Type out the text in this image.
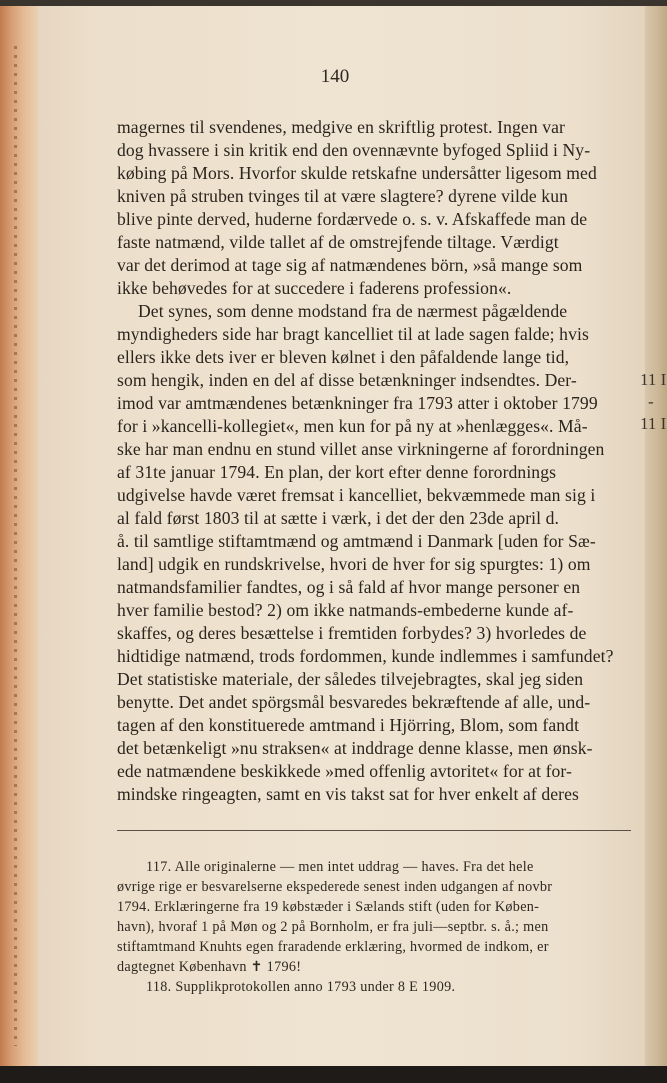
140
magernes til svendenes, medgive en skriftlig protest. Ingen var
dog hvassere i sin kritik end den ovennævnte byfoged Spliid i Ny-
købing på Mors. Hvorfor skulde retskafne undersåtter ligesom med
kniven på struben tvinges til at være slagtere? dyrene vilde kun
blive pinte derved, huderne fordærvede o. s. v. Afskaffede man de
faste natmænd, vilde tallet af de omstrejfende tiltage. Værdigt
var det derimod at tage sig af natmændenes börn, »så mange som
ikke behøvedes for at succedere i faderens profession«.
Det synes, som denne modstand fra de nærmest pågældende
myndigheders side har bragt kancelliet til at lade sagen falde; hvis
ellers ikke dets iver er bleven kølnet i den påfaldende lange tid,
som hengik, inden en del af disse betænkninger indsendtes. Der-
imod var amtmændenes betænkninger fra 1793 atter i oktober 1799
for i »kancelli-kollegiet«, men kun for på ny at »henlægges«. Må-
ske har man endnu en stund villet anse virkningerne af forordningen
af 31te januar 1794. En plan, der kort efter denne forordnings
udgivelse havde været fremsat i kancelliet, bekvæmmede man sig i
al fald først 1803 til at sætte i værk, i det der den 23de april d.
å. til samtlige stiftamtmænd og amtmænd i Danmark [uden for Sæ-
land] udgik en rundskrivelse, hvori de hver for sig spurgtes: 1) om
natmandsfamilier fandtes, og i så fald af hvor mange personer en
hver familie bestod? 2) om ikke natmands-embederne kunde af-
skaffes, og deres besættelse i fremtiden forbydes? 3) hvorledes de
hidtidige natmænd, trods fordommen, kunde indlemmes i samfundet?
Det statistiske materiale, der således tilvejebragtes, skal jeg siden
benytte. Det andet spörgsmål besvaredes bekræftende af alle, und-
tagen af den konstituerede amtmand i Hjörring, Blom, som fandt
det betænkeligt »nu straksen« at inddrage denne klasse, men ønsk-
ede natmændene beskikkede »med offenlig avtoritet« for at for-
mindske ringeagten, samt en vis takst sat for hver enkelt af deres
117. Alle originalerne — men intet uddrag — haves. Fra det hele
øvrige rige er besvarelserne ekspederede senest inden udgangen af novbr
1794. Erklæringerne fra 19 købstæder i Sælands stift (uden for Køben-
havn), hvoraf 1 på Møn og 2 på Bornholm, er fra juli—septbr. s. å.; men
stiftamtmand Knuhts egen fraradende erklæring, hvormed de indkom, er
dagtegnet København ✝ 1796!
118. Supplikprotokollen anno 1793 under 8 E 1909.
11 I
-
11 I
